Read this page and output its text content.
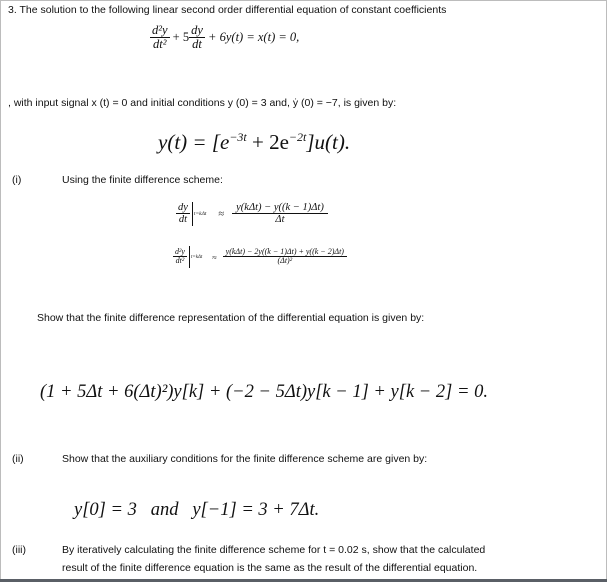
3. The solution to the following linear second order differential equation of constant coefficients
$\frac{\text{d²y}}{\text{dt²}} + 5 \frac{dy}{dt} + 6y(t) = x(t) = 0$,
, with input signal x (t) = 0 and initial conditions y (0) = 3 and, ẏ (0) = −7, is given by:
$y(t) = [e^{-3t} + 2e^{-2t}]u(t)$.
(i)	Using the finite difference scheme:
$\frac{dy}{dt} t=k\Delta t \approx \frac{\text{y(kΔt) − y((k − 1)Δt)}}{\Delta t}$
$\frac{\text{d²y}}{\text{dt²}} t=k\Delta t \approx \frac{\text{y(kΔt) − 2y((k − 1)Δt) + y((k − 2)Δt)}}{\text{(Δt)²}}$
Show that the finite difference representation of the differential equation is given by:
(1 + 5Δt + 6(Δt)²)y[k] + (−2 − 5Δt)y[k − 1] + y[k − 2] = 0.
(ii)	Show that the auxiliary conditions for the finite difference scheme are given by:
y[0] = 3   and   y[−1] = 3 + 7Δt.
(iii)	By iteratively calculating the finite difference scheme for t = 0.02 s, show that the calculated
result of the finite difference equation is the same as the result of the differential equation.
